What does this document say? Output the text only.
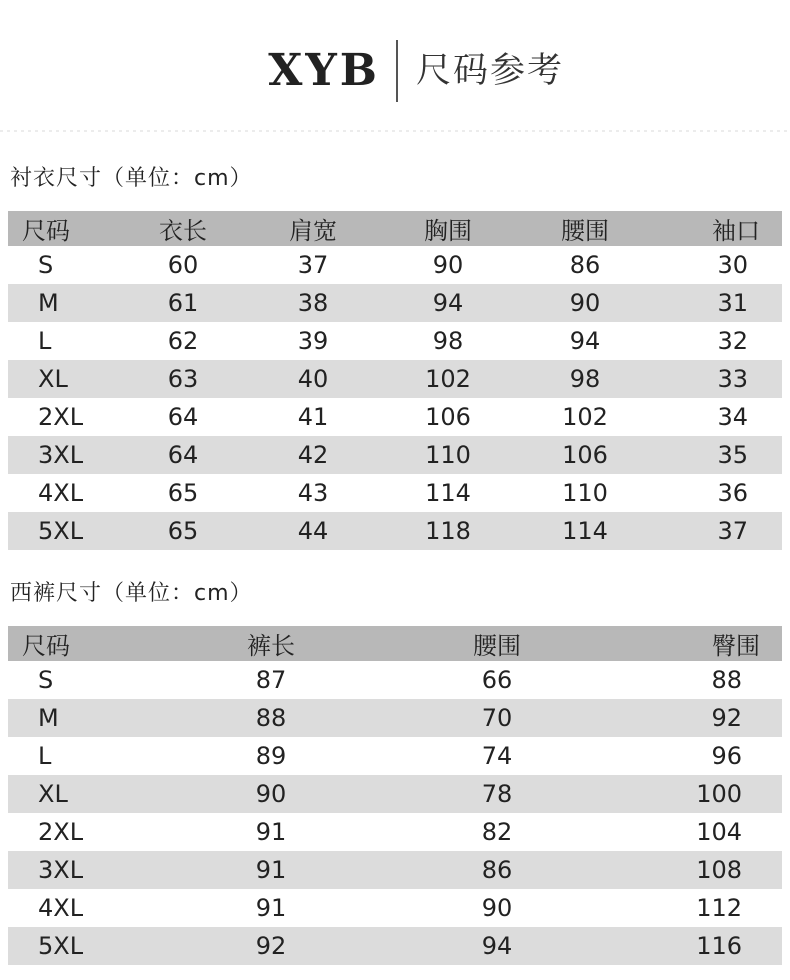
XYB 尺码参考
衬衣尺寸（单位：cm）
尺码	衣长	肩宽	胸围	腰围	袖口
S	60	37	90	86	30
M	61	38	94	90	31
L	62	39	98	94	32
XL	63	40	102	98	33
2XL	64	41	106	102	34
3XL	64	42	110	106	35
4XL	65	43	114	110	36
5XL	65	44	118	114	37
西裤尺寸（单位：cm）
尺码	裤长	腰围	臀围
S	87	66	88
M	88	70	92
L	89	74	96
XL	90	78	100
2XL	91	82	104
3XL	91	86	108
4XL	91	90	112
5XL	92	94	116
